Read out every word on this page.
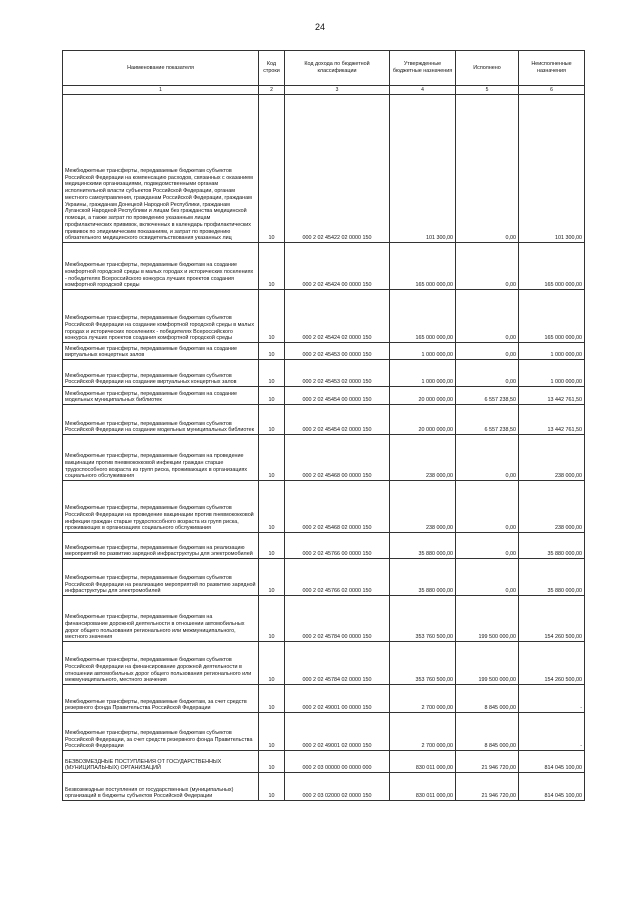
24
Наименование показателя	Код строки	Код дохода по бюджетной классификации	Утвержденные бюджетные назначения	Исполнено	Неисполненные назначения
1	2	3	4	5	6
Межбюджетные трансферты, передаваемые бюджетам субъектов Российской Федерации на компенсацию расходов, связанных с оказанием медицинскими организациями, подведомственными органам исполнительной власти субъектов Российской Федерации, органам местного самоуправления, гражданам Российской Федерации, гражданам Украины, гражданам Донецкой Народной Республики, гражданам Луганской Народной Республики и лицам без гражданства медицинской помощи, а также затрат по проведению указанным лицам профилактических прививок, включенных в календарь профилактических прививок по эпидемическим показаниям, и затрат по проведению обязательного медицинского освидетельствования указанных лиц	10	000 2 02 45422 02 0000 150	101 300,00	0,00	101 300,00
Межбюджетные трансферты, передаваемые бюджетам на создание комфортной городской среды в малых городах и исторических поселениях - победителях Всероссийского конкурса лучших проектов создания комфортной городской среды	10	000 2 02 45424 00 0000 150	165 000 000,00	0,00	165 000 000,00
Межбюджетные трансферты, передаваемые бюджетам субъектов Российской Федерации на создание комфортной городской среды в малых городах и исторических поселениях - победителях Всероссийского конкурса лучших проектов создания комфортной городской среды	10	000 2 02 45424 02 0000 150	165 000 000,00	0,00	165 000 000,00
Межбюджетные трансферты, передаваемые бюджетам на создание виртуальных концертных залов	10	000 2 02 45453 00 0000 150	1 000 000,00	0,00	1 000 000,00
Межбюджетные трансферты, передаваемые бюджетам субъектов Российской Федерации на создание виртуальных концертных залов	10	000 2 02 45453 02 0000 150	1 000 000,00	0,00	1 000 000,00
Межбюджетные трансферты, передаваемые бюджетам на создание модельных муниципальных библиотек	10	000 2 02 45454 00 0000 150	20 000 000,00	6 557 238,50	13 442 761,50
Межбюджетные трансферты, передаваемые бюджетам субъектов Российской Федерации на создание модельных муниципальных библиотек	10	000 2 02 45454 02 0000 150	20 000 000,00	6 557 238,50	13 442 761,50
Межбюджетные трансферты, передаваемые бюджетам на проведение вакцинации против пневмококковой инфекции граждан старше трудоспособного возраста из групп риска, проживающих в организациях социального обслуживания	10	000 2 02 45468 00 0000 150	238 000,00	0,00	238 000,00
Межбюджетные трансферты, передаваемые бюджетам субъектов Российской Федерации на проведение вакцинации против пневмококковой инфекции граждан старше трудоспособного возраста из групп риска, проживающих в организациях социального обслуживания	10	000 2 02 45468 02 0000 150	238 000,00	0,00	238 000,00
Межбюджетные трансферты, передаваемые бюджетам на реализацию мероприятий по развитию зарядной инфраструктуры для электромобилей	10	000 2 02 45766 00 0000 150	35 880 000,00	0,00	35 880 000,00
Межбюджетные трансферты, передаваемые бюджетам субъектов Российской Федерации на реализацию мероприятий по развитию зарядной инфраструктуры для электромобилей	10	000 2 02 45766 02 0000 150	35 880 000,00	0,00	35 880 000,00
Межбюджетные трансферты, передаваемые бюджетам на финансирование дорожной деятельности в отношении автомобильных дорог общего пользования регионального или межмуниципального, местного значения	10	000 2 02 45784 00 0000 150	353 760 500,00	199 500 000,00	154 260 500,00
Межбюджетные трансферты, передаваемые бюджетам субъектов Российской Федерации на финансирование дорожной деятельности в отношении автомобильных дорог общего пользования регионального или межмуниципального, местного значения	10	000 2 02 45784 02 0000 150	353 760 500,00	199 500 000,00	154 260 500,00
Межбюджетные трансферты, передаваемые бюджетам, за счет средств резервного фонда Правительства Российской Федерации	10	000 2 02 49001 00 0000 150	2 700 000,00	8 845 000,00	-
Межбюджетные трансферты, передаваемые бюджетам субъектов Российской Федерации, за счет средств резервного фонда Правительства Российской Федерации	10	000 2 02 49001 02 0000 150	2 700 000,00	8 845 000,00	-
БЕЗВОЗМЕЗДНЫЕ ПОСТУПЛЕНИЯ ОТ ГОСУДАРСТВЕННЫХ (МУНИЦИПАЛЬНЫХ) ОРГАНИЗАЦИЙ	10	000 2 03 00000 00 0000 000	830 011 000,00	21 946 720,00	814 045 100,00
Безвозмездные поступления от государственных (муниципальных) организаций в бюджеты субъектов Российской Федерации	10	000 2 03 02000 02 0000 150	830 011 000,00	21 946 720,00	814 045 100,00
